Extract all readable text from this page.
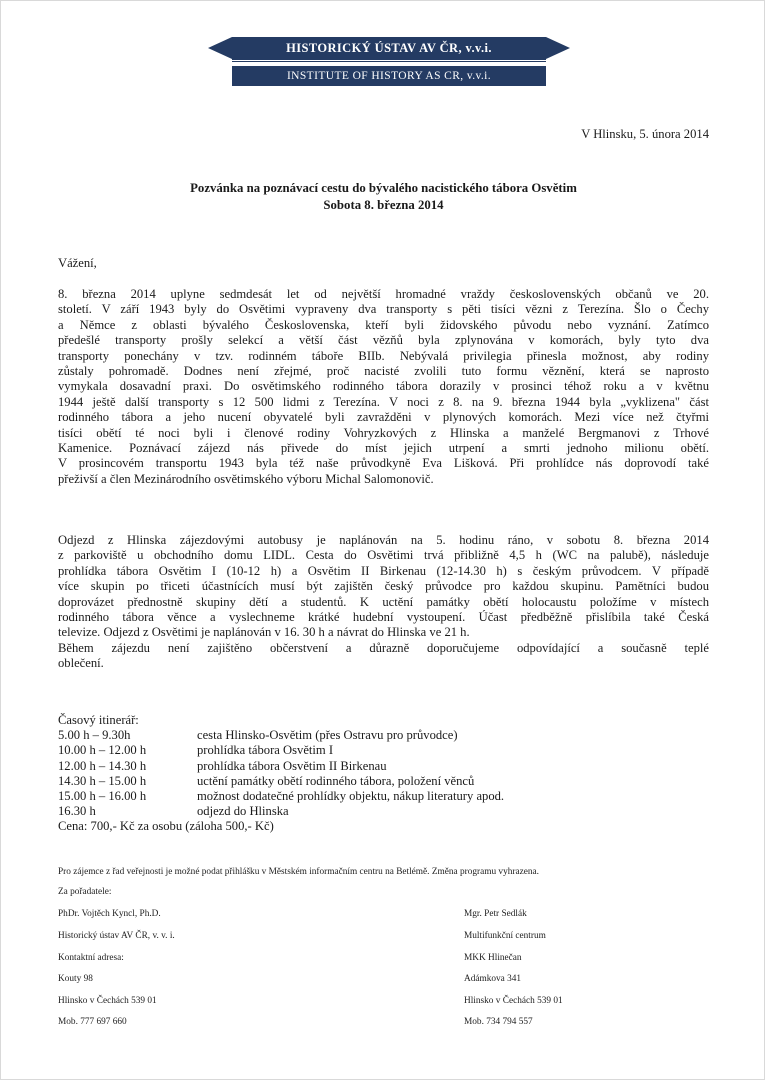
HISTORICKÝ ÚSTAV AV ČR, v.v.i.
INSTITUTE OF HISTORY AS CR, v.v.i.
V Hlinsku, 5. února 2014
Pozvánka na poznávací cestu do bývalého nacistického tábora Osvětim
Sobota 8. března 2014
Vážení,
8. března 2014 uplyne sedmdesát let od největší hromadné vraždy československých občanů ve 20.
století. V září 1943 byly do Osvětimi vypraveny dva transporty s pěti tisíci vězni z Terezína. Šlo o Čechy
a Němce z oblasti bývalého Československa, kteří byli židovského původu nebo vyznání. Zatímco
předešlé transporty prošly selekcí a větší část vězňů byla zplynována v komorách, byly tyto dva
transporty ponechány v tzv. rodinném táboře BIIb. Nebývalá privilegia přinesla možnost, aby rodiny
zůstaly pohromadě. Dodnes není zřejmé, proč nacisté zvolili tuto formu věznění, která se naprosto
vymykala dosavadní praxi. Do osvětimského rodinného tábora dorazily v prosinci téhož roku a v květnu
1944 ještě další transporty s 12 500 lidmi z Terezína. V noci z 8. na 9. března 1944 byla „vyklizena" část
rodinného tábora a jeho nucení obyvatelé byli zavražděni v plynových komorách. Mezi více než čtyřmi
tisíci obětí té noci byli i členové rodiny Vohryzkových z Hlinska a manželé Bergmanovi z Trhové
Kamenice. Poznávací zájezd nás přivede do míst jejich utrpení a smrti jednoho milionu obětí.
V prosincovém transportu 1943 byla též naše průvodkyně Eva Lišková. Při prohlídce nás doprovodí také
přeživší a člen Mezinárodního osvětimského výboru Michal Salomonovič.
Odjezd z Hlinska zájezdovými autobusy je naplánován na 5. hodinu ráno, v sobotu 8. března 2014
z parkoviště u obchodního domu LIDL. Cesta do Osvětimi trvá přibližně 4,5 h (WC na palubě), následuje
prohlídka tábora Osvětim I (10-12 h) a Osvětim II Birkenau (12-14.30 h) s českým průvodcem. V případě
více skupin po třiceti účastnících musí být zajištěn český průvodce pro každou skupinu. Pamětníci budou
doprovázet přednostně skupiny dětí a studentů. K uctění památky obětí holocaustu položíme v místech
rodinného tábora věnce a vyslechneme krátké hudební vystoupení. Účast předběžně přislíbila také Česká
televize. Odjezd z Osvětimi je naplánován v 16. 30 h a návrat do Hlinska ve 21 h.
Během zájezdu není zajištěno občerstvení a důrazně doporučujeme odpovídající a současně teplé
oblečení.
Časový itinerář:
5.00 h – 9.30h	cesta Hlinsko-Osvětim (přes Ostravu pro průvodce)
10.00 h – 12.00 h	prohlídka tábora Osvětim I
12.00 h – 14.30 h	prohlídka tábora Osvětim II Birkenau
14.30 h – 15.00 h	uctění památky obětí rodinného tábora, položení věnců
15.00 h – 16.00 h	možnost dodatečné prohlídky objektu, nákup literatury apod.
16.30 h	odjezd do Hlinska
Cena: 700,- Kč za osobu (záloha 500,- Kč)
Pro zájemce z řad veřejnosti je možné podat přihlášku v Městském informačním centru na Betlémě. Změna programu vyhrazena.
Za pořadatele:
PhDr. Vojtěch Kyncl, Ph.D.
Historický ústav AV ČR, v. v. i.
Kontaktní adresa:
Kouty 98
Hlinsko v Čechách 539 01
Mob. 777 697 660
Mgr. Petr Sedlák
Multifunkční centrum
MKK Hlinečan
Adámkova 341
Hlinsko v Čechách 539 01
Mob. 734 794 557
